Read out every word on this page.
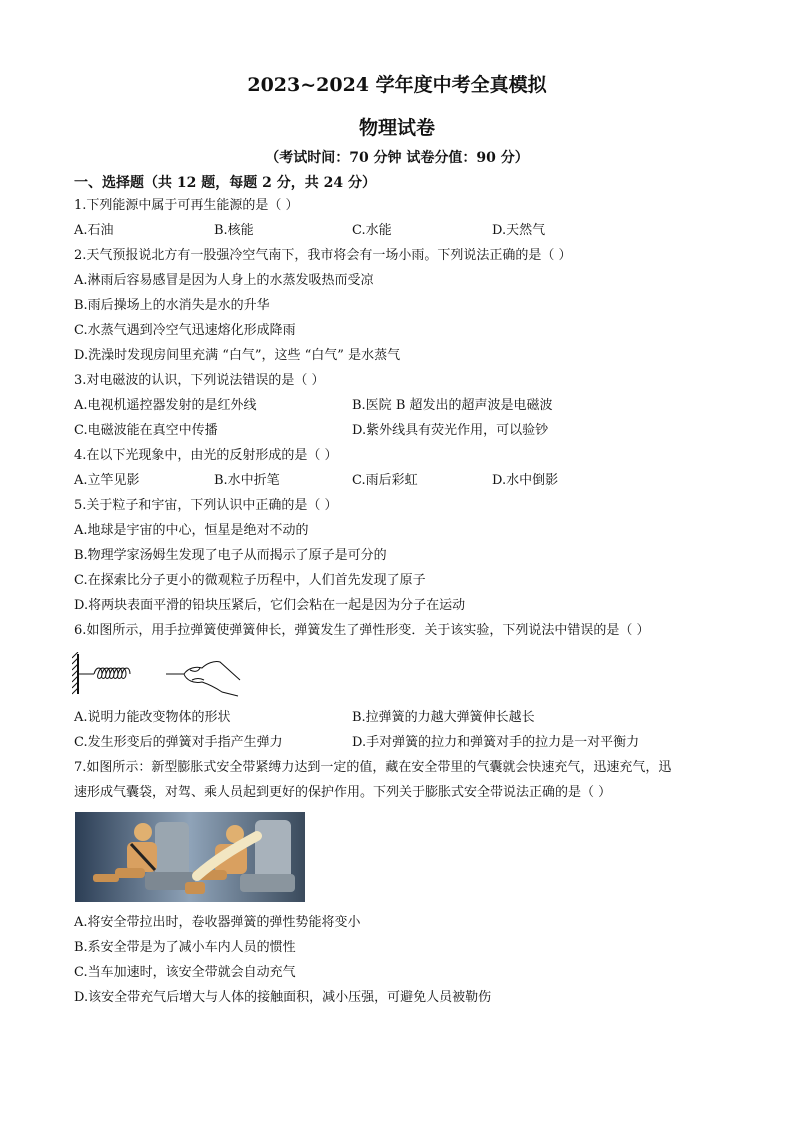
2023~2024 学年度中考全真模拟
物理试卷
（考试时间：70 分钟 试卷分值：90 分）
一、选择题（共 12 题，每题 2 分，共 24 分）
1.下列能源中属于可再生能源的是（ ）
A.石油	B.核能	C.水能	D.天然气
2.天气预报说北方有一股强冷空气南下，我市将会有一场小雨。下列说法正确的是（ ）
A.淋雨后容易感冒是因为人身上的水蒸发吸热而受凉
B.雨后操场上的水消失是水的升华
C.水蒸气遇到冷空气迅速熔化形成降雨
D.洗澡时发现房间里充满 “白气”，这些 “白气” 是水蒸气
3.对电磁波的认识，下列说法错误的是（ ）
A.电视机遥控器发射的是红外线	B.医院 B 超发出的超声波是电磁波
C.电磁波能在真空中传播	D.紫外线具有荧光作用，可以验钞
4.在以下光现象中，由光的反射形成的是（ ）
A.立竿见影	B.水中折笔	C.雨后彩虹	D.水中倒影
5.关于粒子和宇宙，下列认识中正确的是（ ）
A.地球是宇宙的中心，恒星是绝对不动的
B.物理学家汤姆生发现了电子从而揭示了原子是可分的
C.在探索比分子更小的微观粒子历程中，人们首先发现了原子
D.将两块表面平滑的铅块压紧后，它们会粘在一起是因为分子在运动
6.如图所示，用手拉弹簧使弹簧伸长，弹簧发生了弹性形变．关于该实验，下列说法中错误的是（ ）
A.说明力能改变物体的形状	B.拉弹簧的力越大弹簧伸长越长
C.发生形变后的弹簧对手指产生弹力	D.手对弹簧的拉力和弹簧对手的拉力是一对平衡力
7.如图所示：新型膨胀式安全带紧缚力达到一定的值，藏在安全带里的气囊就会快速充气，迅速充气，迅
速形成气囊袋，对驾、乘人员起到更好的保护作用。下列关于膨胀式安全带说法正确的是（ ）
A.将安全带拉出时，卷收器弹簧的弹性势能将变小
B.系安全带是为了减小车内人员的惯性
C.当车加速时，该安全带就会自动充气
D.该安全带充气后增大与人体的接触面积，减小压强，可避免人员被勒伤
